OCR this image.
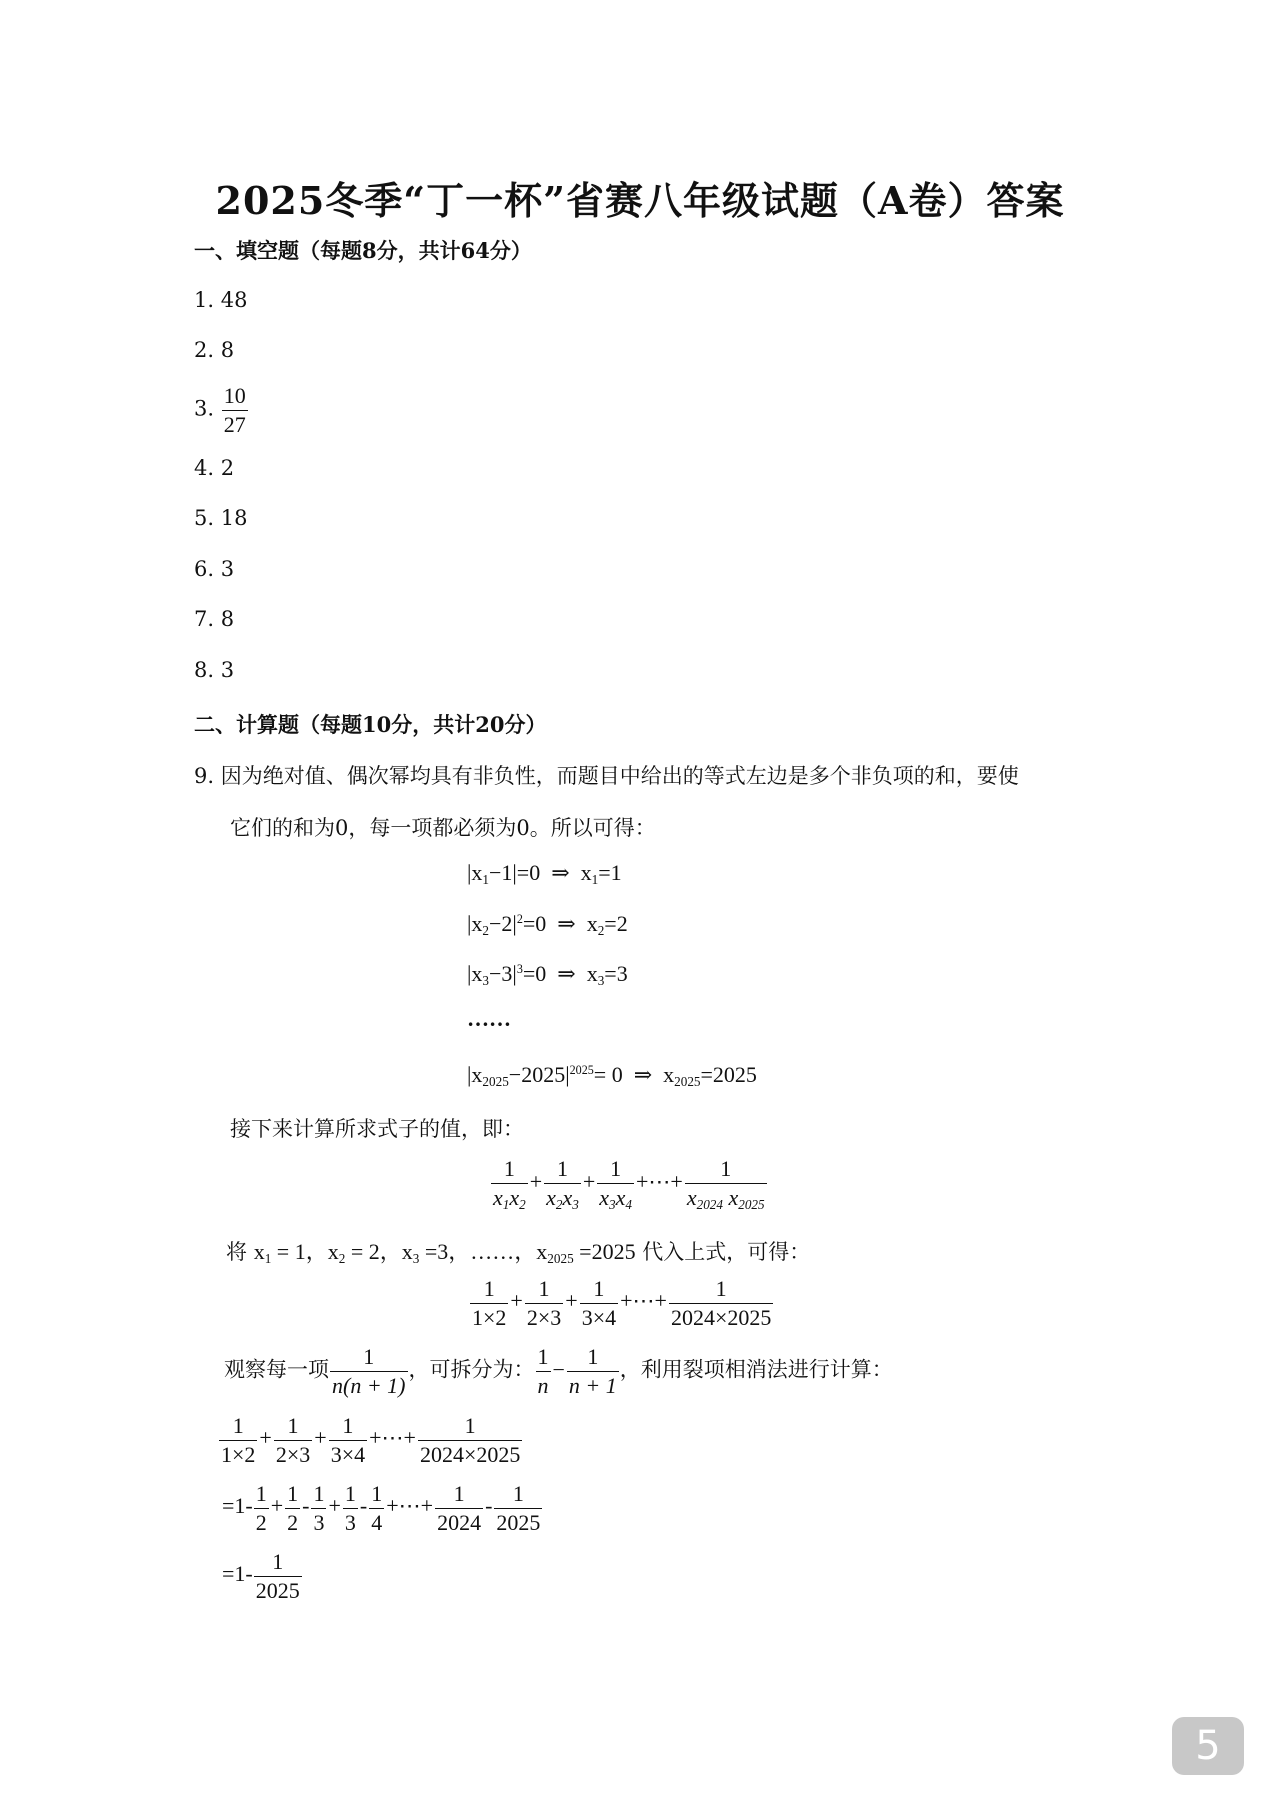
2025冬季“丁一杯”省赛八年级试题（A卷）答案
一、填空题（每题8分，共计64分）
1. 48
2. 8
3. $\frac{10}{27}$
4. 2
5. 18
6. 3
7. 8
8. 3
二、计算题（每题10分，共计20分）
9. 因为绝对值、偶次幂均具有非负性，而题目中给出的等式左边是多个非负项的和，要使
它们的和为0，每一项都必须为0。所以可得：
$|x_1-1|=0$  ⇒  $x_1=1$
$|x_2-2|^2=0$  ⇒  $x_2=2$
$|x_3-3|^3=0$  ⇒  $x_3=3$
……
$|x_{2025}-2025|^{2025}= 0$  ⇒  $x_{2025}=2025$
接下来计算所求式子的值，即：
$\frac{1}{x_1x_2} + \frac{1}{x_2x_3} + \frac{1}{x_3x_4}$ +⋯+ $\frac{1}{x_{2024} x_{2025}}$
将 $x_1 = 1$，$x_2 = 2$，$x_3 =3$，……，$x_{2025} =2025$ 代入上式，可得：
$\frac{1}{1\times 2} + \frac{1}{2\times 3} + \frac{1}{3\times 4}$ +⋯+ $\frac{1}{2024\times 2025}$
观察每一项 $\frac{1}{n(n + 1)}$ ，可拆分为： $\frac{1}{n} - \frac{1}{n + 1}$ ，利用裂项相消法进行计算：
$\frac{1}{1\times 2} + \frac{1}{2\times 3} + \frac{1}{3\times 4}$ +⋯+ $\frac{1}{2024\times 2025}$
$=1- \frac{1}{2} + \frac{1}{2} - \frac{1}{3} + \frac{1}{3} - \frac{1}{4}$ +⋯+ $\frac{1}{2024} - \frac{1}{2025}$
$=1- \frac{1}{2025}$
5
